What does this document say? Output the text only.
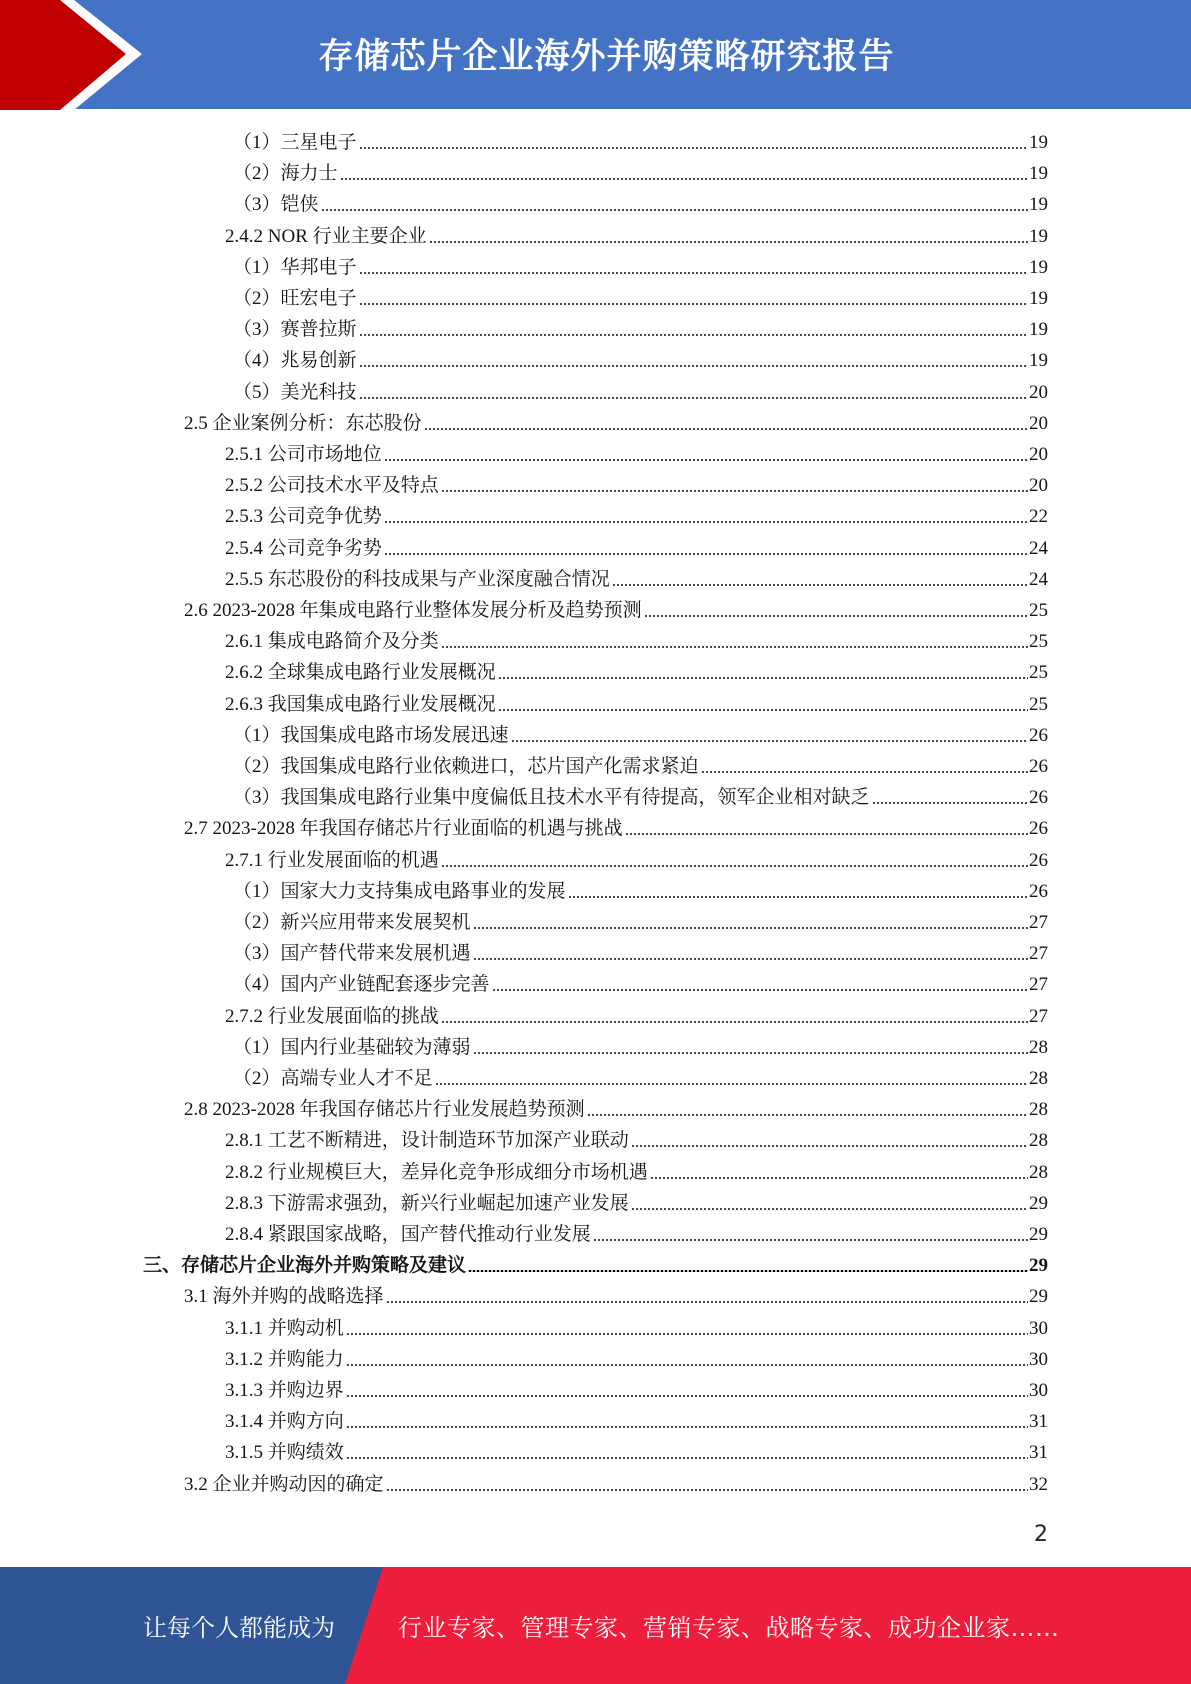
存储芯片企业海外并购策略研究报告
（1）三星电子	19
（2）海力士	19
（3）铠侠	19
2.4.2 NOR 行业主要企业	19
（1）华邦电子	19
（2）旺宏电子	19
（3）赛普拉斯	19
（4）兆易创新	19
（5）美光科技	20
2.5 企业案例分析：东芯股份	20
2.5.1 公司市场地位	20
2.5.2 公司技术水平及特点	20
2.5.3 公司竞争优势	22
2.5.4 公司竞争劣势	24
2.5.5 东芯股份的科技成果与产业深度融合情况	24
2.6 2023-2028 年集成电路行业整体发展分析及趋势预测	25
2.6.1 集成电路简介及分类	25
2.6.2 全球集成电路行业发展概况	25
2.6.3 我国集成电路行业发展概况	25
（1）我国集成电路市场发展迅速	26
（2）我国集成电路行业依赖进口，芯片国产化需求紧迫	26
（3）我国集成电路行业集中度偏低且技术水平有待提高，领军企业相对缺乏	26
2.7 2023-2028 年我国存储芯片行业面临的机遇与挑战	26
2.7.1 行业发展面临的机遇	26
（1）国家大力支持集成电路事业的发展	26
（2）新兴应用带来发展契机	27
（3）国产替代带来发展机遇	27
（4）国内产业链配套逐步完善	27
2.7.2 行业发展面临的挑战	27
（1）国内行业基础较为薄弱	28
（2）高端专业人才不足	28
2.8 2023-2028 年我国存储芯片行业发展趋势预测	28
2.8.1 工艺不断精进，设计制造环节加深产业联动	28
2.8.2 行业规模巨大，差异化竞争形成细分市场机遇	28
2.8.3 下游需求强劲，新兴行业崛起加速产业发展	29
2.8.4 紧跟国家战略，国产替代推动行业发展	29
三、存储芯片企业海外并购策略及建议	29
3.1 海外并购的战略选择	29
3.1.1 并购动机	30
3.1.2 并购能力	30
3.1.3 并购边界	30
3.1.4 并购方向	31
3.1.5 并购绩效	31
3.2 企业并购动因的确定	32
2
让每个人都能成为	行业专家、管理专家、营销专家、战略专家、成功企业家……
